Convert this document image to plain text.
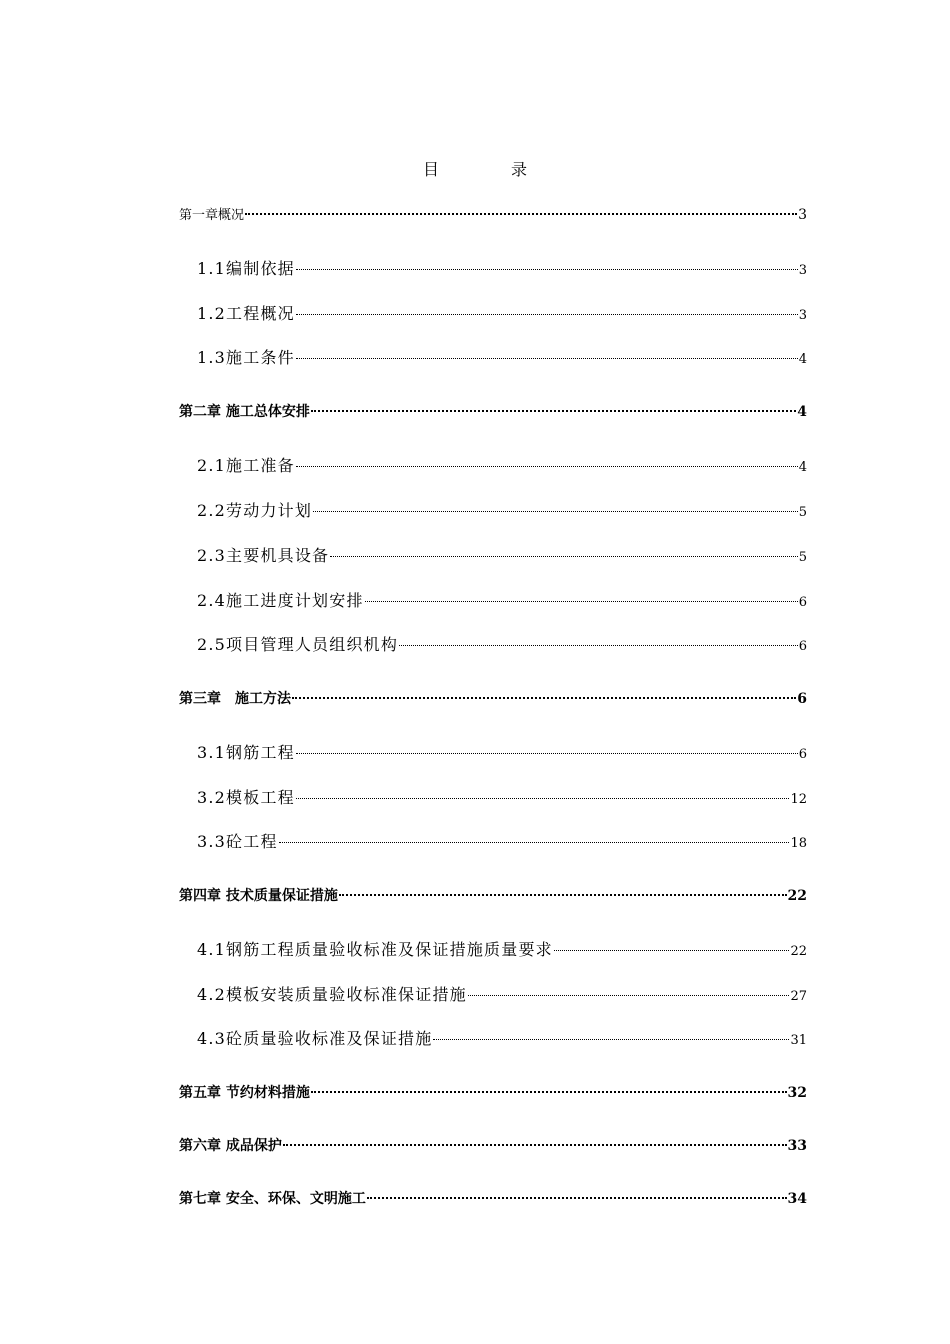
目　录
第一章概况	3
1.1编制依据	3
1.2工程概况	3
1.3施工条件	4
第二章 施工总体安排	4
2.1施工准备	4
2.2劳动力计划	5
2.3主要机具设备	5
2.4施工进度计划安排	6
2.5项目管理人员组织机构	6
第三章　施工方法	6
3.1钢筋工程	6
3.2模板工程	12
3.3砼工程	18
第四章 技术质量保证措施	22
4.1钢筋工程质量验收标准及保证措施质量要求	22
4.2模板安装质量验收标准保证措施	27
4.3砼质量验收标准及保证措施	31
第五章 节约材料措施	32
第六章 成品保护	33
第七章 安全、环保、文明施工	34
